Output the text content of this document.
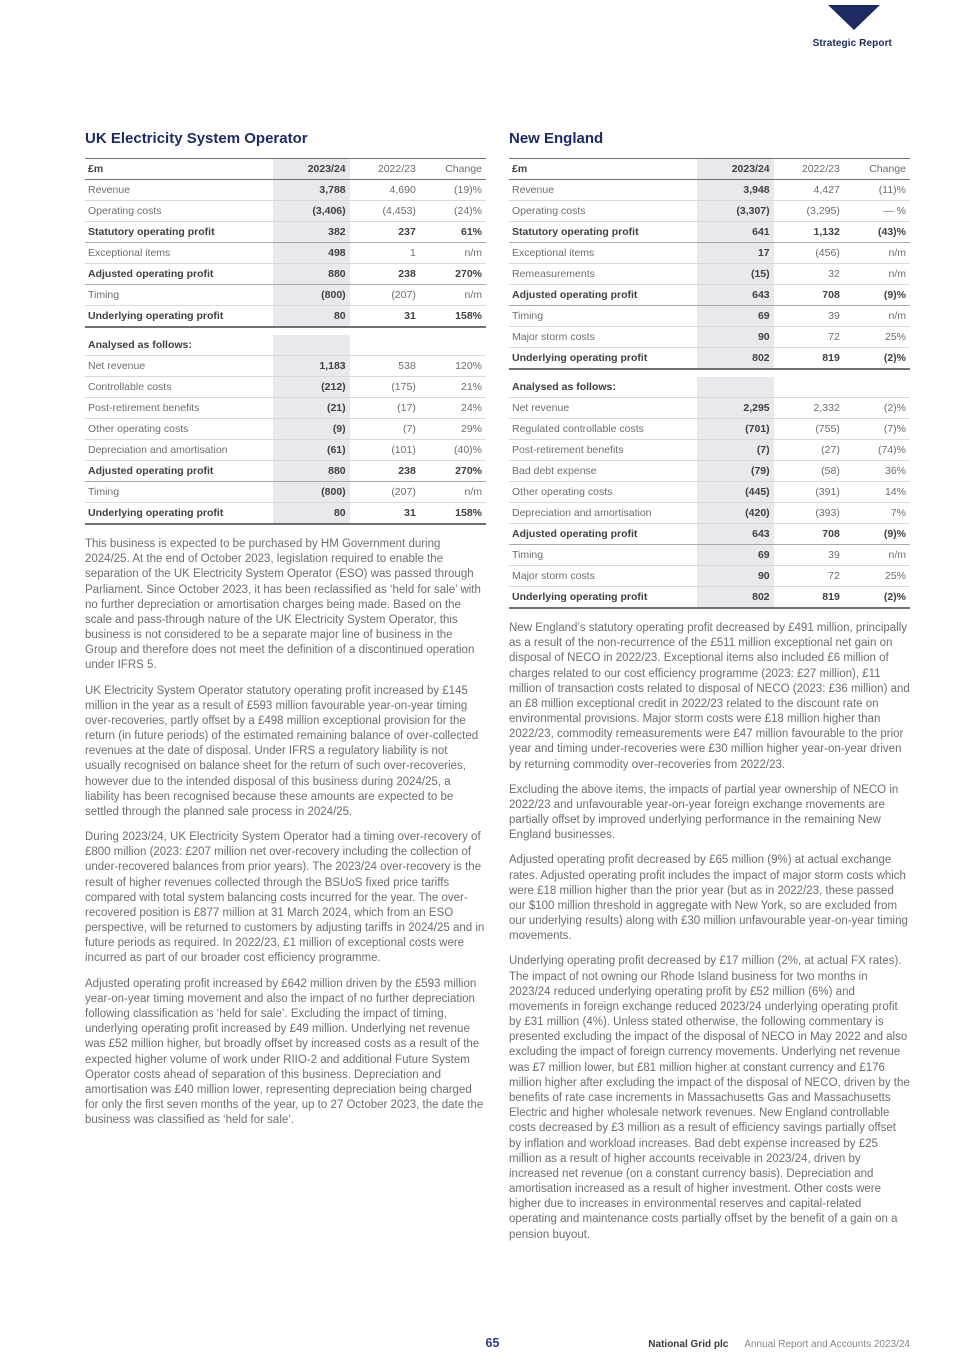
Strategic Report
UK Electricity System Operator
£m	2023/24	2022/23	Change
Revenue	3,788	4,690	(19)%
Operating costs	(3,406)	(4,453)	(24)%
Statutory operating profit	382	237	61%
Exceptional items	498	1	n/m
Adjusted operating profit	880	238	270%
Timing	(800)	(207)	n/m
Underlying operating profit	80	31	158%

Analysed as follows:			
Net revenue	1,183	538	120%
Controllable costs	(212)	(175)	21%
Post-retirement benefits	(21)	(17)	24%
Other operating costs	(9)	(7)	29%
Depreciation and amortisation	(61)	(101)	(40)%
Adjusted operating profit	880	238	270%
Timing	(800)	(207)	n/m
Underlying operating profit	80	31	158%

This business is expected to be purchased by HM Government during 2024/25. At the end of October 2023, legislation required to enable the separation of the UK Electricity System Operator (ESO) was passed through Parliament. Since October 2023, it has been reclassified as ‘held for sale’ with no further depreciation or amortisation charges being made. Based on the scale and pass-through nature of the UK Electricity System Operator, this business is not considered to be a separate major line of business in the Group and therefore does not meet the definition of a discontinued operation under IFRS 5.

UK Electricity System Operator statutory operating profit increased by £145 million in the year as a result of £593 million favourable year-on-year timing over-recoveries, partly offset by a £498 million exceptional provision for the return (in future periods) of the estimated remaining balance of over-collected revenues at the date of disposal. Under IFRS a regulatory liability is not usually recognised on balance sheet for the return of such over-recoveries, however due to the intended disposal of this business during 2024/25, a liability has been recognised because these amounts are expected to be settled through the planned sale process in 2024/25.

During 2023/24, UK Electricity System Operator had a timing over-recovery of £800 million (2023: £207 million net over-recovery including the collection of under-recovered balances from prior years). The 2023/24 over-recovery is the result of higher revenues collected through the BSUoS fixed price tariffs compared with total system balancing costs incurred for the year. The over-recovered position is £877 million at 31 March 2024, which from an ESO perspective, will be returned to customers by adjusting tariffs in 2024/25 and in future periods as required. In 2022/23, £1 million of exceptional costs were incurred as part of our broader cost efficiency programme.

Adjusted operating profit increased by £642 million driven by the £593 million year-on-year timing movement and also the impact of no further depreciation following classification as ‘held for sale’. Excluding the impact of timing, underlying operating profit increased by £49 million. Underlying net revenue was £52 million higher, but broadly offset by increased costs as a result of the expected higher volume of work under RIIO-2 and additional Future System Operator costs ahead of separation of this business. Depreciation and amortisation was £40 million lower, representing depreciation being charged for only the first seven months of the year, up to 27 October 2023, the date the business was classified as ‘held for sale’.

New England
£m	2023/24	2022/23	Change
Revenue	3,948	4,427	(11)%
Operating costs	(3,307)	(3,295)	— %
Statutory operating profit	641	1,132	(43)%
Exceptional items	17	(456)	n/m
Remeasurements	(15)	32	n/m
Adjusted operating profit	643	708	(9)%
Timing	69	39	n/m
Major storm costs	90	72	25%
Underlying operating profit	802	819	(2)%

Analysed as follows:			
Net revenue	2,295	2,332	(2)%
Regulated controllable costs	(701)	(755)	(7)%
Post-retirement benefits	(7)	(27)	(74)%
Bad debt expense	(79)	(58)	36%
Other operating costs	(445)	(391)	14%
Depreciation and amortisation	(420)	(393)	7%
Adjusted operating profit	643	708	(9)%
Timing	69	39	n/m
Major storm costs	90	72	25%
Underlying operating profit	802	819	(2)%

New England’s statutory operating profit decreased by £491 million, principally as a result of the non-recurrence of the £511 million exceptional net gain on disposal of NECO in 2022/23. Exceptional items also included £6 million of charges related to our cost efficiency programme (2023: £27 million), £11 million of transaction costs related to disposal of NECO (2023: £36 million) and an £8 million exceptional credit in 2022/23 related to the discount rate on environmental provisions. Major storm costs were £18 million higher than 2022/23, commodity remeasurements were £47 million favourable to the prior year and timing under-recoveries were £30 million higher year-on-year driven by returning commodity over-recoveries from 2022/23.

Excluding the above items, the impacts of partial year ownership of NECO in 2022/23 and unfavourable year-on-year foreign exchange movements are partially offset by improved underlying performance in the remaining New England businesses.

Adjusted operating profit decreased by £65 million (9%) at actual exchange rates. Adjusted operating profit includes the impact of major storm costs which were £18 million higher than the prior year (but as in 2022/23, these passed our $100 million threshold in aggregate with New York, so are excluded from our underlying results) along with £30 million unfavourable year-on-year timing movements.

Underlying operating profit decreased by £17 million (2%, at actual FX rates). The impact of not owning our Rhode Island business for two months in 2023/24 reduced underlying operating profit by £52 million (6%) and movements in foreign exchange reduced 2023/24 underlying operating profit by £31 million (4%). Unless stated otherwise, the following commentary is presented excluding the impact of the disposal of NECO in May 2022 and also excluding the impact of foreign currency movements. Underlying net revenue was £7 million lower, but £81 million higher at constant currency and £176 million higher after excluding the impact of the disposal of NECO, driven by the benefits of rate case increments in Massachusetts Gas and Massachusetts Electric and higher wholesale network revenues. New England controllable costs decreased by £3 million as a result of efficiency savings partially offset by inflation and workload increases. Bad debt expense increased by £25 million as a result of higher accounts receivable in 2023/24, driven by increased net revenue (on a constant currency basis). Depreciation and amortisation increased as a result of higher investment. Other costs were higher due to increases in environmental reserves and capital-related operating and maintenance costs partially offset by the benefit of a gain on a pension buyout.

65	National Grid plc Annual Report and Accounts 2023/24
